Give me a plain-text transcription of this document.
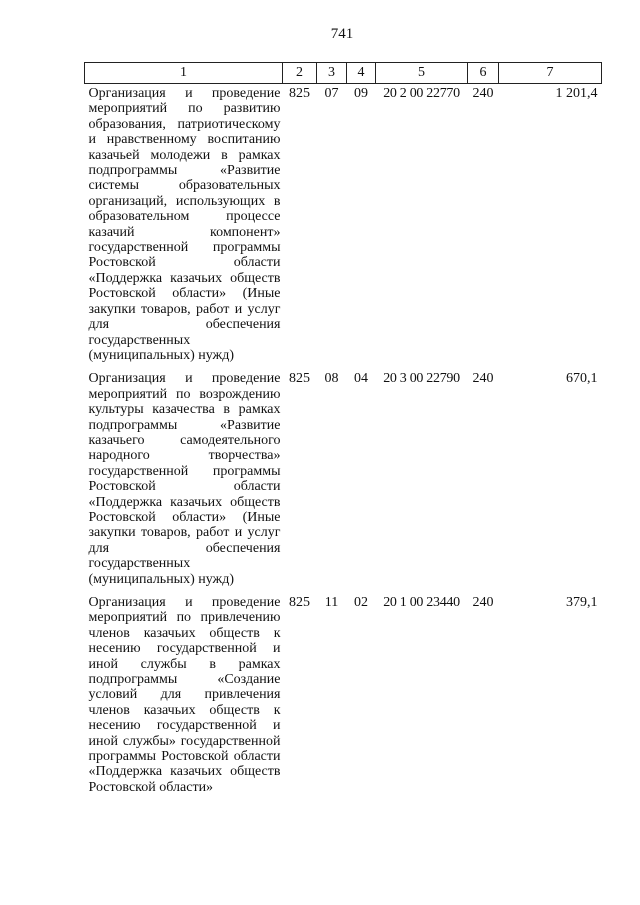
741
1	2	3	4	5	6	7
Организация и проведение мероприятий по развитию образования, патриотическому и нравственному воспитанию казачьей молодежи в рамках подпрограммы «Развитие системы образовательных организаций, использующих в образовательном процессе казачий компонент» государственной программы Ростовской области «Поддержка казачьих обществ Ростовской области» (Иные закупки товаров, работ и услуг для обеспечения государственных (муниципальных) нужд)	825	07	09	20 2 00 22770	240	1 201,4
Организация и проведение мероприятий по возрождению культуры казачества в рамках подпрограммы «Развитие казачьего самодеятельного народного творчества» государственной программы Ростовской области «Поддержка казачьих обществ Ростовской области» (Иные закупки товаров, работ и услуг для обеспечения государственных (муниципальных) нужд)	825	08	04	20 3 00 22790	240	670,1
Организация и проведение мероприятий по привлечению членов казачьих обществ к несению государственной и иной службы в рамках подпрограммы «Создание условий для привлечения членов казачьих обществ к несению государственной и иной службы» государственной программы Ростовской области «Поддержка казачьих обществ Ростовской области»	825	11	02	20 1 00 23440	240	379,1
